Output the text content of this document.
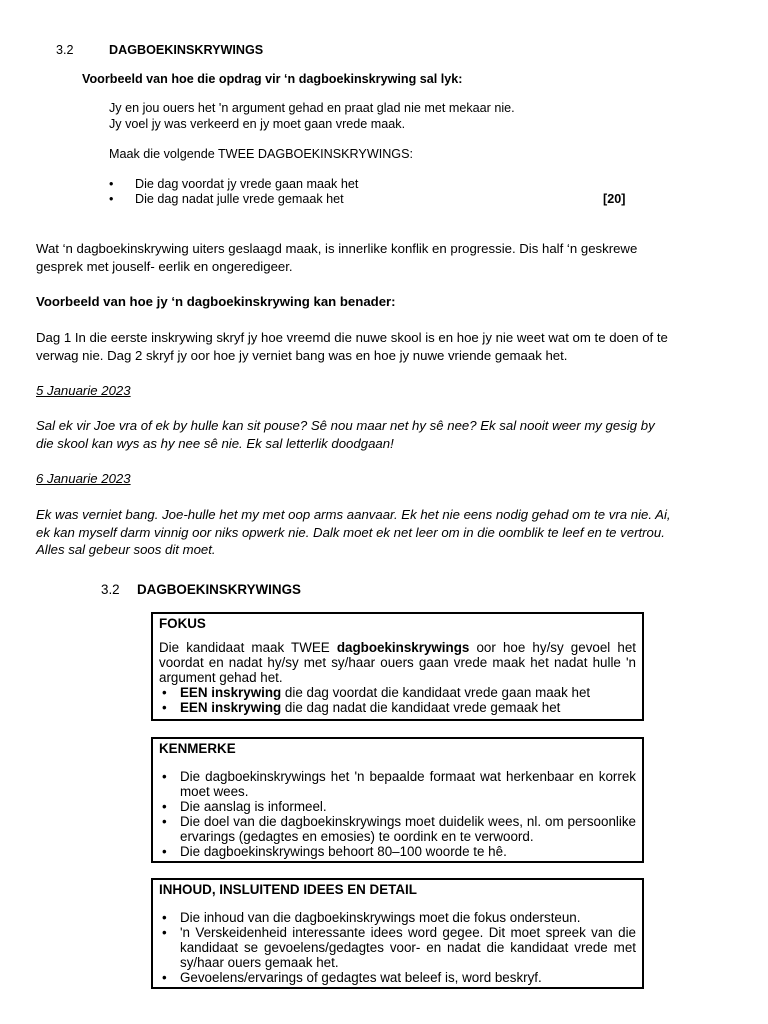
3.2	DAGBOEKINSKRYWINGS
Voorbeeld van hoe die opdrag vir ‘n dagboekinskrywing sal lyk:
Jy en jou ouers het 'n argument gehad en praat glad nie met mekaar nie.
Jy voel jy was verkeerd en jy moet gaan vrede maak.
Maak die volgende TWEE DAGBOEKINSKRYWINGS:
• Die dag voordat jy vrede gaan maak het
• Die dag nadat julle vrede gemaak het	[20]
Wat ‘n dagboekinskrywing uiters geslaagd maak, is innerlike konflik en progressie. Dis half ‘n geskrewe
gesprek met jouself- eerlik en ongeredigeer.
Voorbeeld van hoe jy ‘n dagboekinskrywing kan benader:
Dag 1 In die eerste inskrywing skryf jy hoe vreemd die nuwe skool is en hoe jy nie weet wat om te doen of te
verwag nie. Dag 2 skryf jy oor hoe jy verniet bang was en hoe jy nuwe vriende gemaak het.
5 Januarie 2023
Sal ek vir Joe vra of ek by hulle kan sit pouse? Sê nou maar net hy sê nee? Ek sal nooit weer my gesig by
die skool kan wys as hy nee sê nie. Ek sal letterlik doodgaan!
6 Januarie 2023
Ek was verniet bang. Joe-hulle het my met oop arms aanvaar. Ek het nie eens nodig gehad om te vra nie. Ai,
ek kan myself darm vinnig oor niks opwerk nie. Dalk moet ek net leer om in die oomblik te leef en te vertrou.
Alles sal gebeur soos dit moet.
3.2 DAGBOEKINSKRYWINGS
FOKUS
Die kandidaat maak TWEE dagboekinskrywings oor hoe hy/sy gevoel het voordat en nadat hy/sy met sy/haar ouers gaan vrede maak het nadat hulle 'n argument gehad het.
• EEN inskrywing die dag voordat die kandidaat vrede gaan maak het
• EEN inskrywing die dag nadat die kandidaat vrede gemaak het
KENMERKE
• Die dagboekinskrywings het 'n bepaalde formaat wat herkenbaar en korrek moet wees.
• Die aanslag is informeel.
• Die doel van die dagboekinskrywings moet duidelik wees, nl. om persoonlike ervarings (gedagtes en emosies) te oordink en te verwoord.
• Die dagboekinskrywings behoort 80–100 woorde te hê.
INHOUD, INSLUITEND IDEES EN DETAIL
• Die inhoud van die dagboekinskrywings moet die fokus ondersteun.
• 'n Verskeidenheid interessante idees word gegee. Dit moet spreek van die kandidaat se gevoelens/gedagtes voor- en nadat die kandidaat vrede met sy/haar ouers gemaak het.
• Gevoelens/ervarings of gedagtes wat beleef is, word beskryf.
